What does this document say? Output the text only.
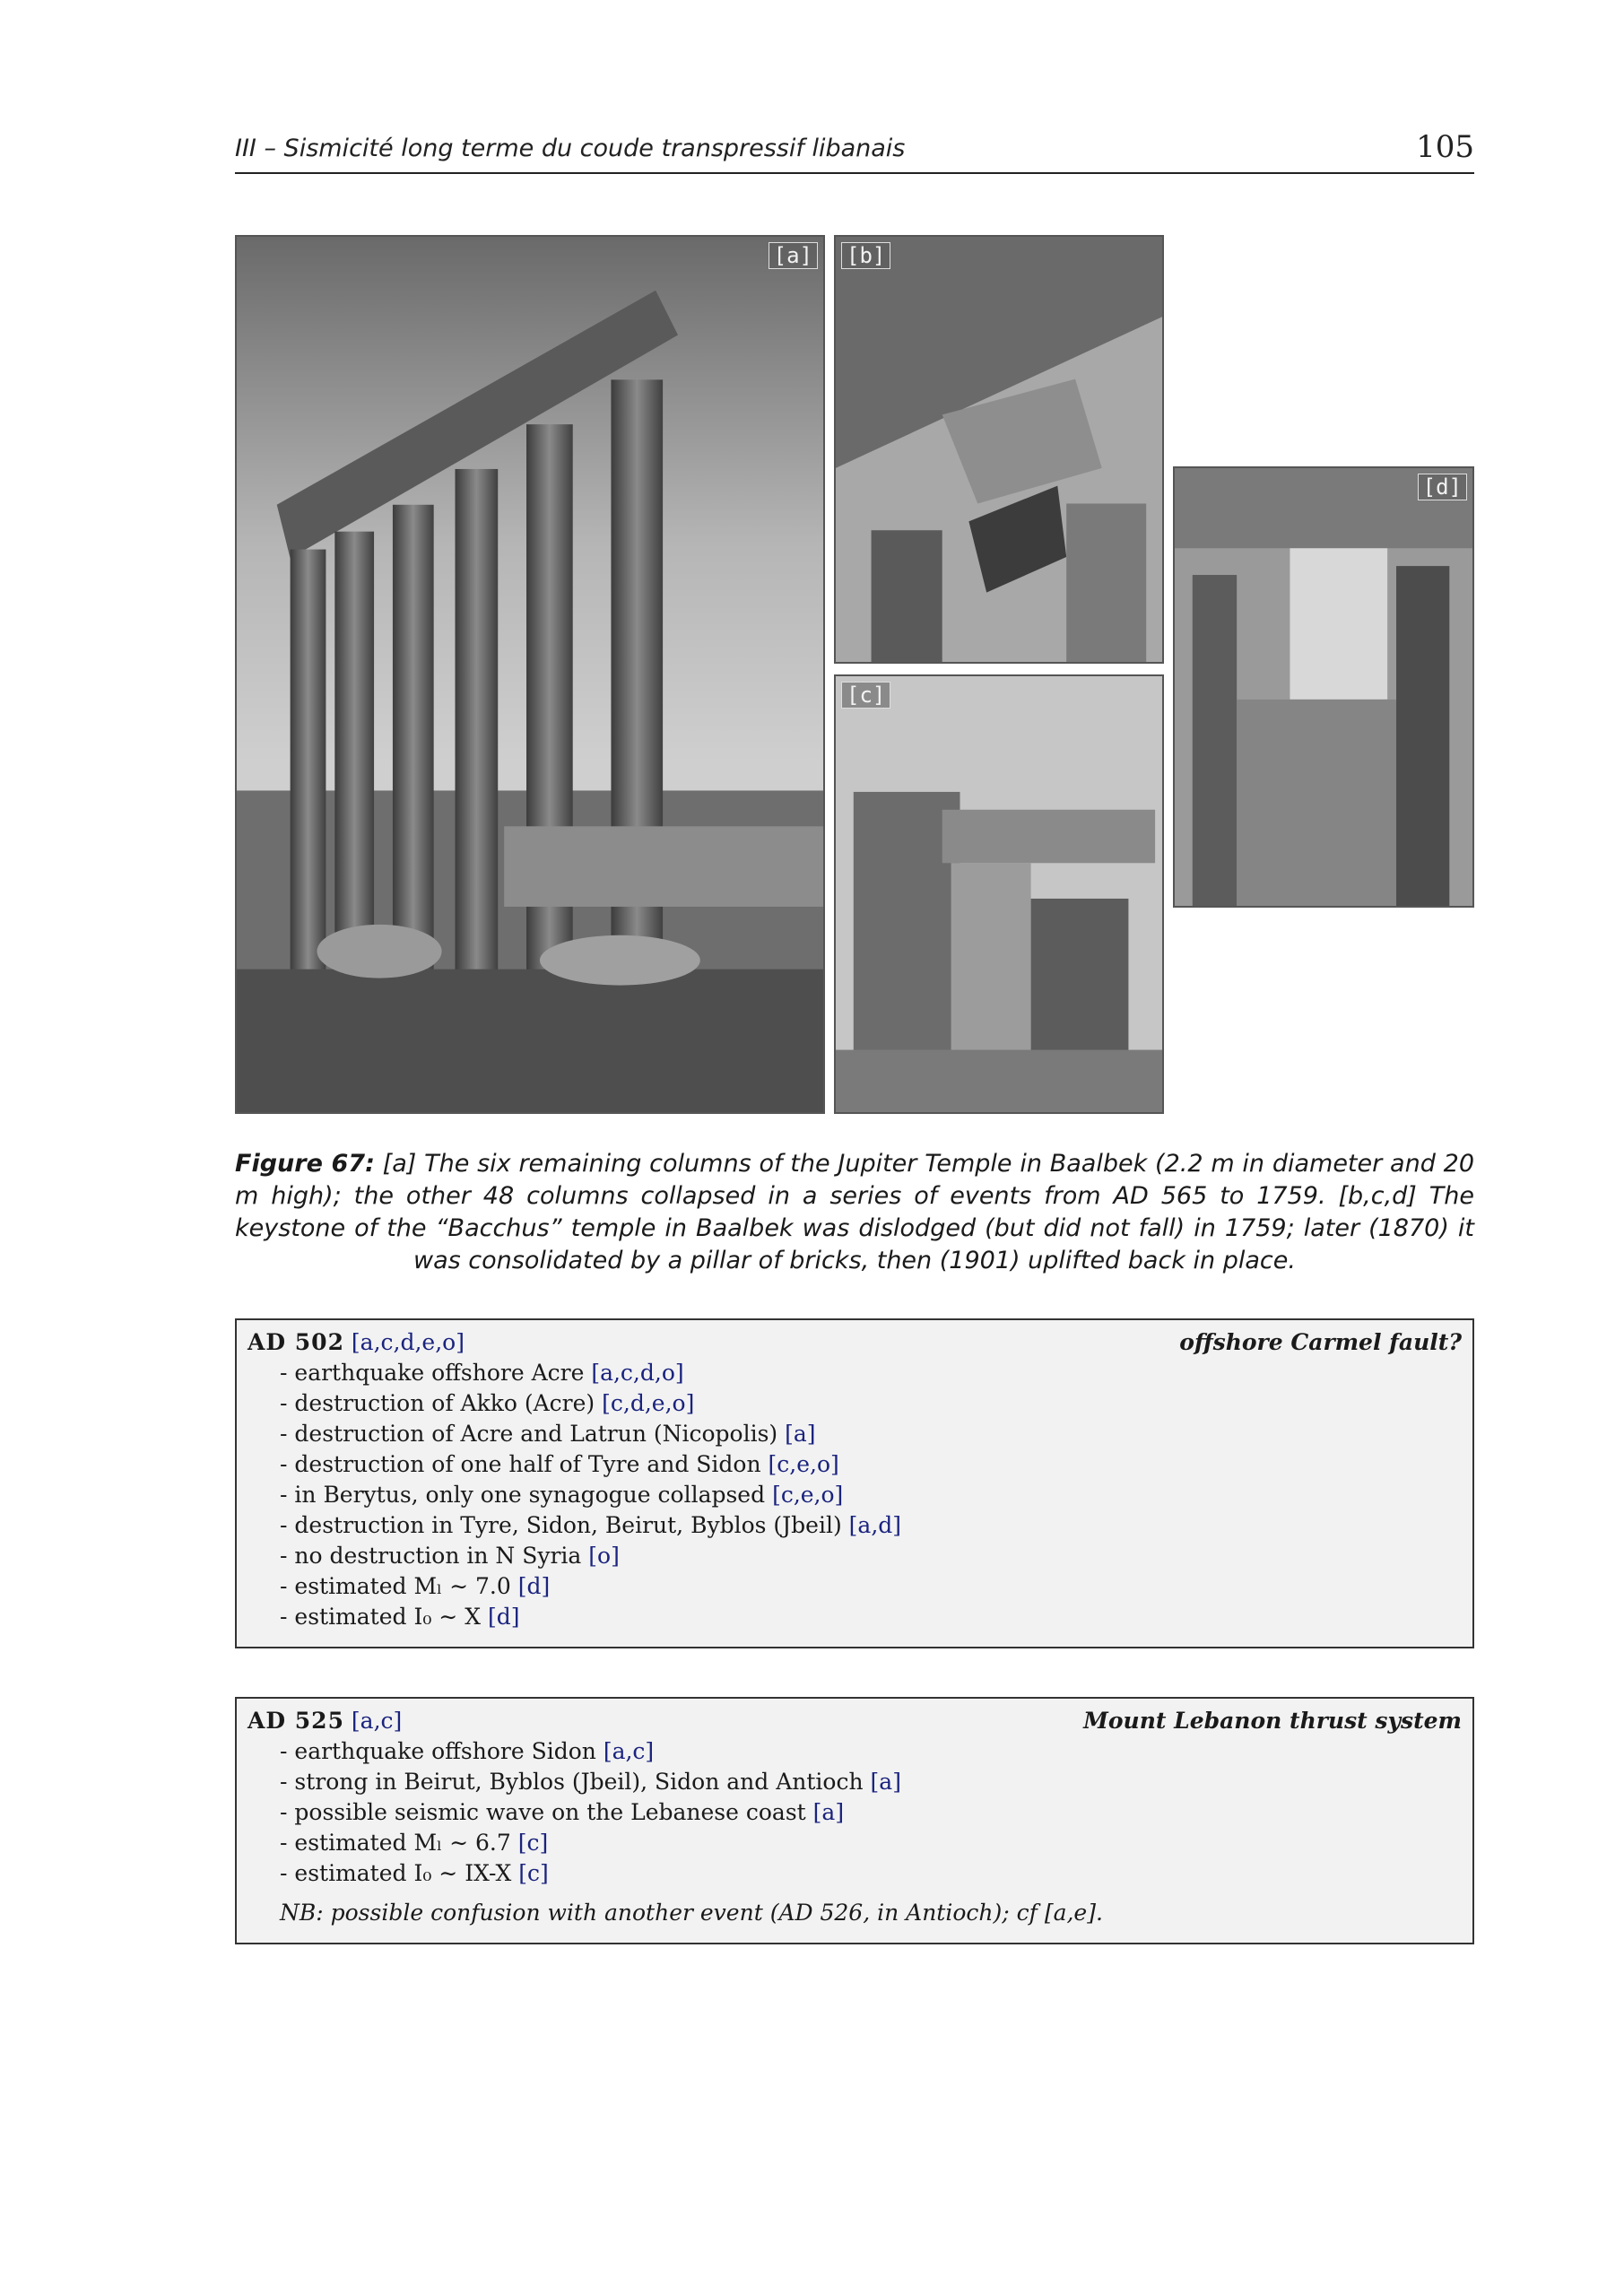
III – Sismicité long terme du coude transpressif libanais	105
[a] [b]
[c]
[d]
Figure 67: [a] The six remaining columns of the Jupiter Temple in Baalbek (2.2 m in diameter and 20 m high); the other 48 columns collapsed in a series of events from AD 565 to 1759. [b,c,d] The keystone of the “Bacchus” temple in Baalbek was dislodged (but did not fall) in 1759; later (1870) it was consolidated by a pillar of bricks, then (1901) uplifted back in place.
AD 502 [a,c,d,e,o]	offshore Carmel fault?
- earthquake offshore Acre [a,c,d,o]
- destruction of Akko (Acre) [c,d,e,o]
- destruction of Acre and Latrun (Nicopolis) [a]
- destruction of one half of Tyre and Sidon [c,e,o]
- in Berytus, only one synagogue collapsed [c,e,o]
- destruction in Tyre, Sidon, Beirut, Byblos (Jbeil) [a,d]
- no destruction in N Syria [o]
- estimated Mₗ ∼ 7.0 [d]
- estimated I₀ ∼ X [d]
AD 525 [a,c]	Mount Lebanon thrust system
- earthquake offshore Sidon [a,c]
- strong in Beirut, Byblos (Jbeil), Sidon and Antioch [a]
- possible seismic wave on the Lebanese coast [a]
- estimated Mₗ ∼ 6.7 [c]
- estimated I₀ ∼ IX-X [c]
NB: possible confusion with another event (AD 526, in Antioch); cf [a,e].
